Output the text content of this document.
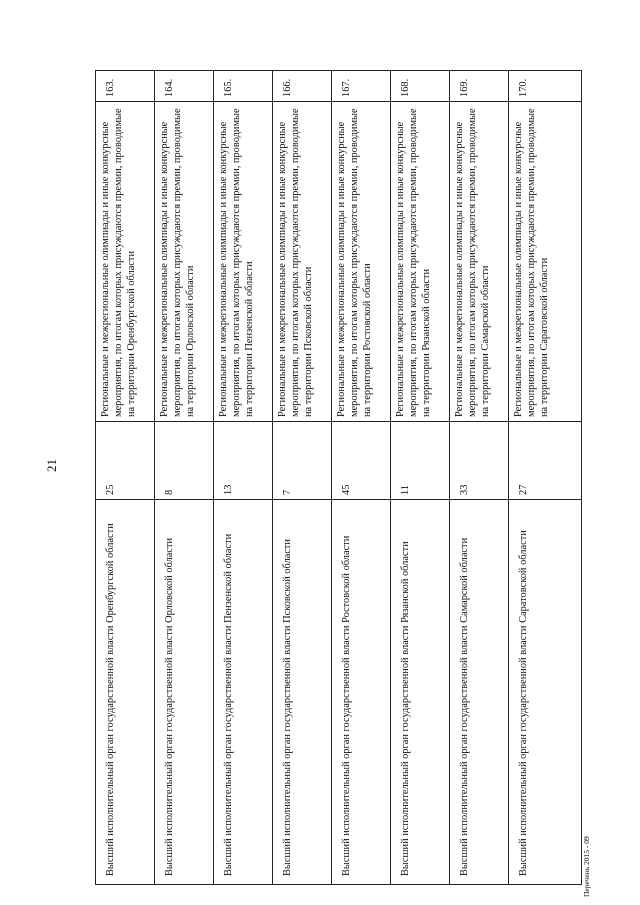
21
163.
Региональные и межрегиональные олимпиады и иные конкурсные мероприятия, по итогам которых присуждаются премии, проводимые на территории Оренбургской области
25
Высший исполнительный орган государственной власти Оренбургской области
164.
Региональные и межрегиональные олимпиады и иные конкурсные мероприятия, по итогам которых присуждаются премии, проводимые на территории Орловской области
8
Высший исполнительный орган государственной власти Орловской области
165.
Региональные и межрегиональные олимпиады и иные конкурсные мероприятия, по итогам которых присуждаются премии, проводимые на территории Пензенской области
13
Высший исполнительный орган государственной власти Пензенской области
166.
Региональные и межрегиональные олимпиады и иные конкурсные мероприятия, по итогам которых присуждаются премии, проводимые на территории Псковской области
7
Высший исполнительный орган государственной власти Псковской области
167.
Региональные и межрегиональные олимпиады и иные конкурсные мероприятия, по итогам которых присуждаются премии, проводимые на территории Ростовской области
45
Высший исполнительный орган государственной власти Ростовской области
168.
Региональные и межрегиональные олимпиады и иные конкурсные мероприятия, по итогам которых присуждаются премии, проводимые на территории Рязанской области
11
Высший исполнительный орган государственной власти Рязанской области
169.
Региональные и межрегиональные олимпиады и иные конкурсные мероприятия, по итогам которых присуждаются премии, проводимые на территории Самарской области
33
Высший исполнительный орган государственной власти Самарской области
170.
Региональные и межрегиональные олимпиады и иные конкурсные мероприятия, по итогам которых присуждаются премии, проводимые на территории Саратовской области
27
Высший исполнительный орган государственной власти Саратовской области	Перечень 2015 - 09
